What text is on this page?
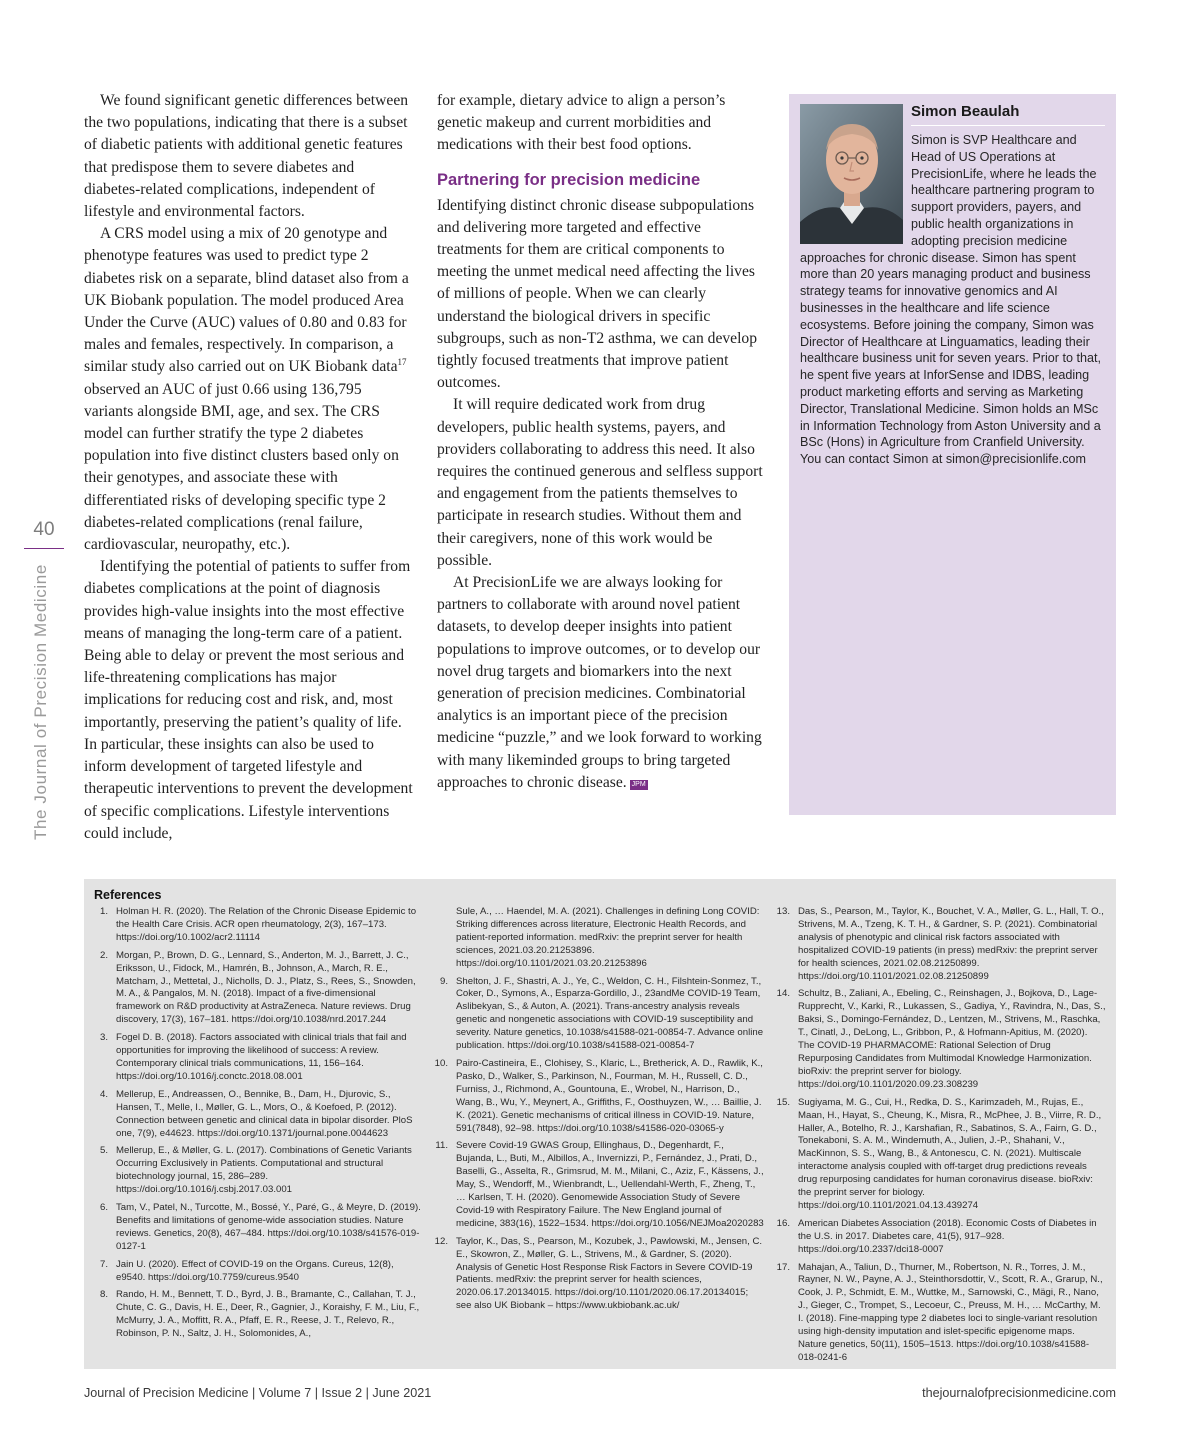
40
The Journal of Precision Medicine

We found significant genetic differences between the two populations, indicating that there is a subset of diabetic patients with additional genetic features that predispose them to severe diabetes and diabetes-related complications, independent of lifestyle and environmental factors.

A CRS model using a mix of 20 genotype and phenotype features was used to predict type 2 diabetes risk on a separate, blind dataset also from a UK Biobank population. The model produced Area Under the Curve (AUC) values of 0.80 and 0.83 for males and females, respectively. In comparison, a similar study also carried out on UK Biobank data$^{17}$ observed an AUC of just 0.66 using 136,795 variants alongside BMI, age, and sex. The CRS model can further stratify the type 2 diabetes population into five distinct clusters based only on their genotypes, and associate these with differentiated risks of developing specific type 2 diabetes-related complications (renal failure, cardiovascular, neuropathy, etc.).

Identifying the potential of patients to suffer from diabetes complications at the point of diagnosis provides high-value insights into the most effective means of managing the long-term care of a patient. Being able to delay or prevent the most serious and life-threatening complications has major implications for reducing cost and risk, and, most importantly, preserving the patient’s quality of life. In particular, these insights can also be used to inform development of targeted lifestyle and therapeutic interventions to prevent the development of specific complications. Lifestyle interventions could include,

for example, dietary advice to align a person’s genetic makeup and current morbidities and medications with their best food options.

Partnering for precision medicine

Identifying distinct chronic disease subpopulations and delivering more targeted and effective treatments for them are critical components to meeting the unmet medical need affecting the lives of millions of people. When we can clearly understand the biological drivers in specific subgroups, such as non-T2 asthma, we can develop tightly focused treatments that improve patient outcomes.

It will require dedicated work from drug developers, public health systems, payers, and providers collaborating to address this need. It also requires the continued generous and selfless support and engagement from the patients themselves to participate in research studies. Without them and their caregivers, none of this work would be possible.

At PrecisionLife we are always looking for partners to collaborate with around novel patient datasets, to develop deeper insights into patient populations to improve outcomes, or to develop our novel drug targets and biomarkers into the next generation of precision medicines. Combinatorial analytics is an important piece of the precision medicine “puzzle,” and we look forward to working with many likeminded groups to bring targeted approaches to chronic disease. JPM

Simon Beaulah
Simon is SVP Healthcare and Head of US Operations at PrecisionLife, where he leads the healthcare partnering program to support providers, payers, and public health organizations in adopting precision medicine approaches for chronic disease. Simon has spent more than 20 years managing product and business strategy teams for innovative genomics and AI businesses in the healthcare and life science ecosystems. Before joining the company, Simon was Director of Healthcare at Linguamatics, leading their healthcare business unit for seven years. Prior to that, he spent five years at InforSense and IDBS, leading product marketing efforts and serving as Marketing Director, Translational Medicine. Simon holds an MSc in Information Technology from Aston University and a BSc (Hons) in Agriculture from Cranfield University. You can contact Simon at simon@precisionlife.com
References
1. Holman H. R. (2020). The Relation of the Chronic Disease Epidemic to the Health Care Crisis. ACR open rheumatology, 2(3), 167–173. https://doi.org/10.1002/acr2.11114
2. Morgan, P., Brown, D. G., Lennard, S., Anderton, M. J., Barrett, J. C., Eriksson, U., Fidock, M., Hamrén, B., Johnson, A., March, R. E., Matcham, J., Mettetal, J., Nicholls, D. J., Platz, S., Rees, S., Snowden, M. A., & Pangalos, M. N. (2018). Impact of a five-dimensional framework on R&D productivity at AstraZeneca. Nature reviews. Drug discovery, 17(3), 167–181. https://doi.org/10.1038/nrd.2017.244
3. Fogel D. B. (2018). Factors associated with clinical trials that fail and opportunities for improving the likelihood of success: A review. Contemporary clinical trials communications, 11, 156–164. https://doi.org/10.1016/j.conctc.2018.08.001
4. Mellerup, E., Andreassen, O., Bennike, B., Dam, H., Djurovic, S., Hansen, T., Melle, I., Møller, G. L., Mors, O., & Koefoed, P. (2012). Connection between genetic and clinical data in bipolar disorder. PloS one, 7(9), e44623. https://doi.org/10.1371/journal.pone.0044623
5. Mellerup, E., & Møller, G. L. (2017). Combinations of Genetic Variants Occurring Exclusively in Patients. Computational and structural biotechnology journal, 15, 286–289. https://doi.org/10.1016/j.csbj.2017.03.001
6. Tam, V., Patel, N., Turcotte, M., Bossé, Y., Paré, G., & Meyre, D. (2019). Benefits and limitations of genome-wide association studies. Nature reviews. Genetics, 20(8), 467–484. https://doi.org/10.1038/s41576-019-0127-1
7. Jain U. (2020). Effect of COVID-19 on the Organs. Cureus, 12(8), e9540. https://doi.org/10.7759/cureus.9540
8. Rando, H. M., Bennett, T. D., Byrd, J. B., Bramante, C., Callahan, T. J., Chute, C. G., Davis, H. E., Deer, R., Gagnier, J., Koraishy, F. M., Liu, F., McMurry, J. A., Moffitt, R. A., Pfaff, E. R., Reese, J. T., Relevo, R., Robinson, P. N., Saltz, J. H., Solomonides, A.,
Sule, A., … Haendel, M. A. (2021). Challenges in defining Long COVID: Striking differences across literature, Electronic Health Records, and patient-reported information. medRxiv: the preprint server for health sciences, 2021.03.20.21253896. https://doi.org/10.1101/2021.03.20.21253896
9. Shelton, J. F., Shastri, A. J., Ye, C., Weldon, C. H., Filshtein-Sonmez, T., Coker, D., Symons, A., Esparza-Gordillo, J., 23andMe COVID-19 Team, Aslibekyan, S., & Auton, A. (2021). Trans-ancestry analysis reveals genetic and nongenetic associations with COVID-19 susceptibility and severity. Nature genetics, 10.1038/s41588-021-00854-7. Advance online publication. https://doi.org/10.1038/s41588-021-00854-7
10. Pairo-Castineira, E., Clohisey, S., Klaric, L., Bretherick, A. D., Rawlik, K., Pasko, D., Walker, S., Parkinson, N., Fourman, M. H., Russell, C. D., Furniss, J., Richmond, A., Gountouna, E., Wrobel, N., Harrison, D., Wang, B., Wu, Y., Meynert, A., Griffiths, F., Oosthuyzen, W., … Baillie, J. K. (2021). Genetic mechanisms of critical illness in COVID-19. Nature, 591(7848), 92–98. https://doi.org/10.1038/s41586-020-03065-y
11. Severe Covid-19 GWAS Group, Ellinghaus, D., Degenhardt, F., Bujanda, L., Buti, M., Albillos, A., Invernizzi, P., Fernández, J., Prati, D., Baselli, G., Asselta, R., Grimsrud, M. M., Milani, C., Aziz, F., Kässens, J., May, S., Wendorff, M., Wienbrandt, L., Uellendahl-Werth, F., Zheng, T., … Karlsen, T. H. (2020). Genomewide Association Study of Severe Covid-19 with Respiratory Failure. The New England journal of medicine, 383(16), 1522–1534. https://doi.org/10.1056/NEJMoa2020283
12. Taylor, K., Das, S., Pearson, M., Kozubek, J., Pawlowski, M., Jensen, C. E., Skowron, Z., Møller, G. L., Strivens, M., & Gardner, S. (2020). Analysis of Genetic Host Response Risk Factors in Severe COVID-19 Patients. medRxiv: the preprint server for health sciences, 2020.06.17.20134015. https://doi.org/10.1101/2020.06.17.20134015; see also UK Biobank – https://www.ukbiobank.ac.uk/
13. Das, S., Pearson, M., Taylor, K., Bouchet, V. A., Møller, G. L., Hall, T. O., Strivens, M. A., Tzeng, K. T. H., & Gardner, S. P. (2021). Combinatorial analysis of phenotypic and clinical risk factors associated with hospitalized COVID-19 patients (in press) medRxiv: the preprint server for health sciences, 2021.02.08.21250899. https://doi.org/10.1101/2021.02.08.21250899
14. Schultz, B., Zaliani, A., Ebeling, C., Reinshagen, J., Bojkova, D., Lage-Rupprecht, V., Karki, R., Lukassen, S., Gadiya, Y., Ravindra, N., Das, S., Baksi, S., Domingo-Fernández, D., Lentzen, M., Strivens, M., Raschka, T., Cinatl, J., DeLong, L., Gribbon, P., & Hofmann-Apitius, M. (2020). The COVID-19 PHARMACOME: Rational Selection of Drug Repurposing Candidates from Multimodal Knowledge Harmonization. bioRxiv: the preprint server for biology. https://doi.org/10.1101/2020.09.23.308239
15. Sugiyama, M. G., Cui, H., Redka, D. S., Karimzadeh, M., Rujas, E., Maan, H., Hayat, S., Cheung, K., Misra, R., McPhee, J. B., Viirre, R. D., Haller, A., Botelho, R. J., Karshafian, R., Sabatinos, S. A., Fairn, G. D., Tonekaboni, S. A. M., Windemuth, A., Julien, J.-P., Shahani, V., MacKinnon, S. S., Wang, B., & Antonescu, C. N. (2021). Multiscale interactome analysis coupled with off-target drug predictions reveals drug repurposing candidates for human coronavirus disease. bioRxiv: the preprint server for biology. https://doi.org/10.1101/2021.04.13.439274
16. American Diabetes Association (2018). Economic Costs of Diabetes in the U.S. in 2017. Diabetes care, 41(5), 917–928. https://doi.org/10.2337/dci18-0007
17. Mahajan, A., Taliun, D., Thurner, M., Robertson, N. R., Torres, J. M., Rayner, N. W., Payne, A. J., Steinthorsdottir, V., Scott, R. A., Grarup, N., Cook, J. P., Schmidt, E. M., Wuttke, M., Sarnowski, C., Mägi, R., Nano, J., Gieger, C., Trompet, S., Lecoeur, C., Preuss, M. H., … McCarthy, M. I. (2018). Fine-mapping type 2 diabetes loci to single-variant resolution using high-density imputation and islet-specific epigenome maps. Nature genetics, 50(11), 1505–1513. https://doi.org/10.1038/s41588-018-0241-6
Journal of Precision Medicine | Volume 7 | Issue 2 | June 2021	thejournalofprecisionmedicine.com
